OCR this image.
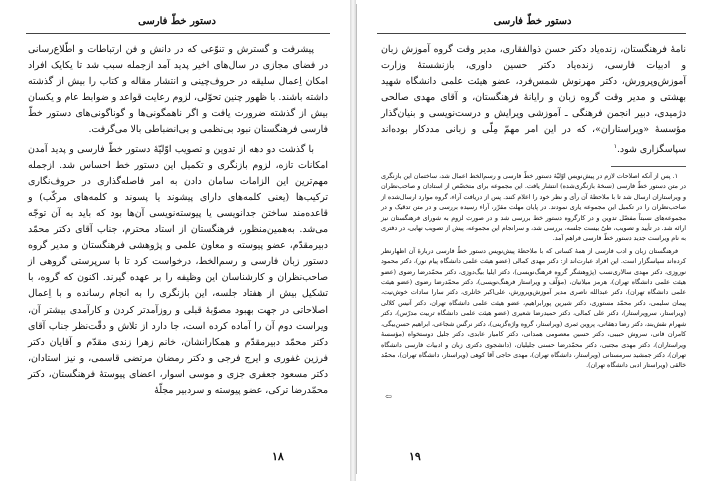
دستور خطّ فارسی

پیشرفت و گسترش و تنوّعی که در دانش و فن ارتباطات و اطّلاع‌رسانی در فضای مجازی در سال‌های اخیر پدید آمد ازجمله سبب شد تا یکایک افراد امکان اِعمال سلیقه در حروف‌چینی و انتشار مقاله و کتاب را بیش از گذشته داشته باشند. با ظهور چنین تحوّلی، لزوم رعایت قواعد و ضوابط عام و یکسان بیش از گذشته ضرورت یافت و اگر ناهمگونی‌ها و گوناگونی‌های دستور خطّ فارسی فرهنگستان نبود بی‌نظمی و بی‌انضباطی بالا می‌گرفت.

با گذشت دو دهه از تدوین و تصویب اوّلیّهٔ دستور خطّ فارسی و پدید آمدن امکانات تازه، لزوم بازنگری و تکمیل این دستور خط احساس شد. ازجمله مهم‌ترین این الزامات سامان دادن به امر فاصله‌گذاری در حروف‌نگاری ترکیب‌ها (یعنی کلمه‌های دارای پیشوند یا پسوند و کلمه‌های مرکّب) و قاعده‌مند ساختن جدانویسی یا پیوسته‌نویسی آن‌ها بود که باید به آن توجّه می‌شد. به‌همین‌منظور، فرهنگستان از استاد محترم، جناب آقای دکتر محمّد دبیرمقدّم، عضو پیوسته و معاون علمی و پژوهشی فرهنگستان و مدیر گروه دستور زبان فارسی و رسم‌الخط، درخواست کرد تا با سرپرستی گروهی از صاحب‌نظران و کارشناسان این وظیفه را بر عهده گیرند. اکنون که گروه، با تشکیل بیش از هفتاد جلسه، این بازنگری را به انجام رسانده و با اِعمال اصلاحاتی در جهت بهبود مصوّبهٔ قبلی و روزآمدتر کردن و کارآمدی بیشتر آن، ویراست دوم آن را آماده کرده است، جا دارد از تلاش و دقّت‌نظر جناب آقای دکتر محمّد دبیرمقدّم و همکارانشان، خانم زهرا زندی مقدّم و آقایان دکتر فرزین غفوری و ایرج فرجی و دکتر رمضان مرتضی قاسمی، و نیز استادان، دکتر مسعود جعفری جزی و موسی اسوار، اعضای پیوستهٔ فرهنگستان، دکتر محمّدرضا ترکی، عضو پیوسته و سردبیر مجلّهٔ

۱۸
دستور خطّ فارسی

نامهٔ فرهنگستان، زنده‌یاد دکتر حسن ذوالفقاری، مدیر وقت گروه آموزش زبان و ادبیات فارسی، زنده‌یاد دکتر حسین داوری، بازنشستهٔ وزارت آموزش‌وپرورش، دکتر مهرنوش شمس‌فرد، عضو هیئت علمی دانشگاه شهید بهشتی و مدیر وقت گروه زبان و رایانهٔ فرهنگستان، و آقای مهدی صالحی دژمیدی، دبیر انجمن فرهنگی ـ آموزشی ویرایش و درست‌نویسی و بنیان‌گذار مؤسسهٔ «ویراستاران»، که در این امر مهمّ مِلّی و زبانی مددکار بوده‌اند سپاسگزاری شود.$^۱$

۱. پس از آنکه اصلاحات لازم در پیش‌نویس اوّلیّهٔ دستور خطّ فارسی و رسم‌الخط اعمال شد، ساختمان این بازنگری در متن دستور خطّ فارسی (نسخهٔ بازنگری‌شده) انتشار یافت. این مجموعه برای متخصّص از استادان و صاحب‌نظران و ویراستاران ارسال شد تا با ملاحظهٔ آن رأی و نظر خود را اعلام کنند. پس از دریافت آراء، گروه موارد ارسال‌شده از صاحب‌نظران را در تکمیل این مجموعه یاری نمودند. در پایان مهلت مقرّر، آراء رسیده بررسی و در متن تدقیک و در مجموعه‌های نسبتاً مفصّل تدوین و در کارگروه دستور خط بررسی شد و در صورت لزوم به شورای فرهنگستان نیز ارائه شد. در تأیید و تصویب، طیّ بیست جلسه، بررسی شد، و سرانجام این مجموعه، پیش از تصویب نهایی، در دفتری به نام ویراست جدید دستور خطّ فارسی فراهم آمد.

فرهنگستان زبان و ادب فارسی از همهٔ کسانی که با ملاحظهٔ پیش‌نویس دستور خطّ فارسی دربارهٔ آن اظهارنظر کرده‌اند سپاسگزار است. این افراد عبارت‌اند از: دکتر مهدی کمالی (عضو هیئت علمی دانشگاه پیام نور)، دکتر محمود نوروزی، دکتر مهدی سالاری‌نسب (پژوهشگر گروه فرهنگ‌نویسی)، دکتر ایلیا بیگ‌دوزی، دکتر محمّدرضا رضوی (عضو هیئت علمی دانشگاه تهران)، هرمز میلانیان، (مؤلّف و ویراستار فرهنگ‌نویسی)، دکتر محمّدرضا رضوی (عضو هیئت علمی دانشگاه تهران)، دکتر عبدالله ناصری مدیر آموزش‌وپرورش، علی‌اکبر خانلری، دکتر سارا سادات خوش‌نیت، پیمان سلیمی، دکتر محمّد مستوری، دکتر شیرین پورابراهیم، عضو هیئت علمی دانشگاه تهران، دکتر آنیس کلالی (ویراستار، سرویراستار)، دکتر علی کمالی، دکتر حمیدرضا شعیری (عضو هیئت علمی دانشگاه تربیت مدرّس)، دکتر شهرام نقش‌بند، دکتر رضا دهقانی، پروین ثمری (ویراستار، گروه واژه‌گزینی)، دکتر نرگس شجاعی، ابراهیم حسن‌بیگی، کامران فانی، سروش حبیبی، دکتر حسین معصومی همدانی، دکتر کامیار عابدی، دکتر جلیل دوستخواه (مؤسسهٔ ویراستاران)، دکتر مهدی مجتبی، دکتر محمّدرضا حسنی جلیلیان، (دانشجوی دکتری زبان و ادبیات فارسی دانشگاه تهران)، دکتر جمشید سرمستانی (ویراستار، دانشگاه تهران)، مهدی حاجی آقا کوهی (ویراستار، دانشگاه تهران)، محمّد خالقی (ویراستار ادبی دانشگاه تهران).

⇦
۱۹
